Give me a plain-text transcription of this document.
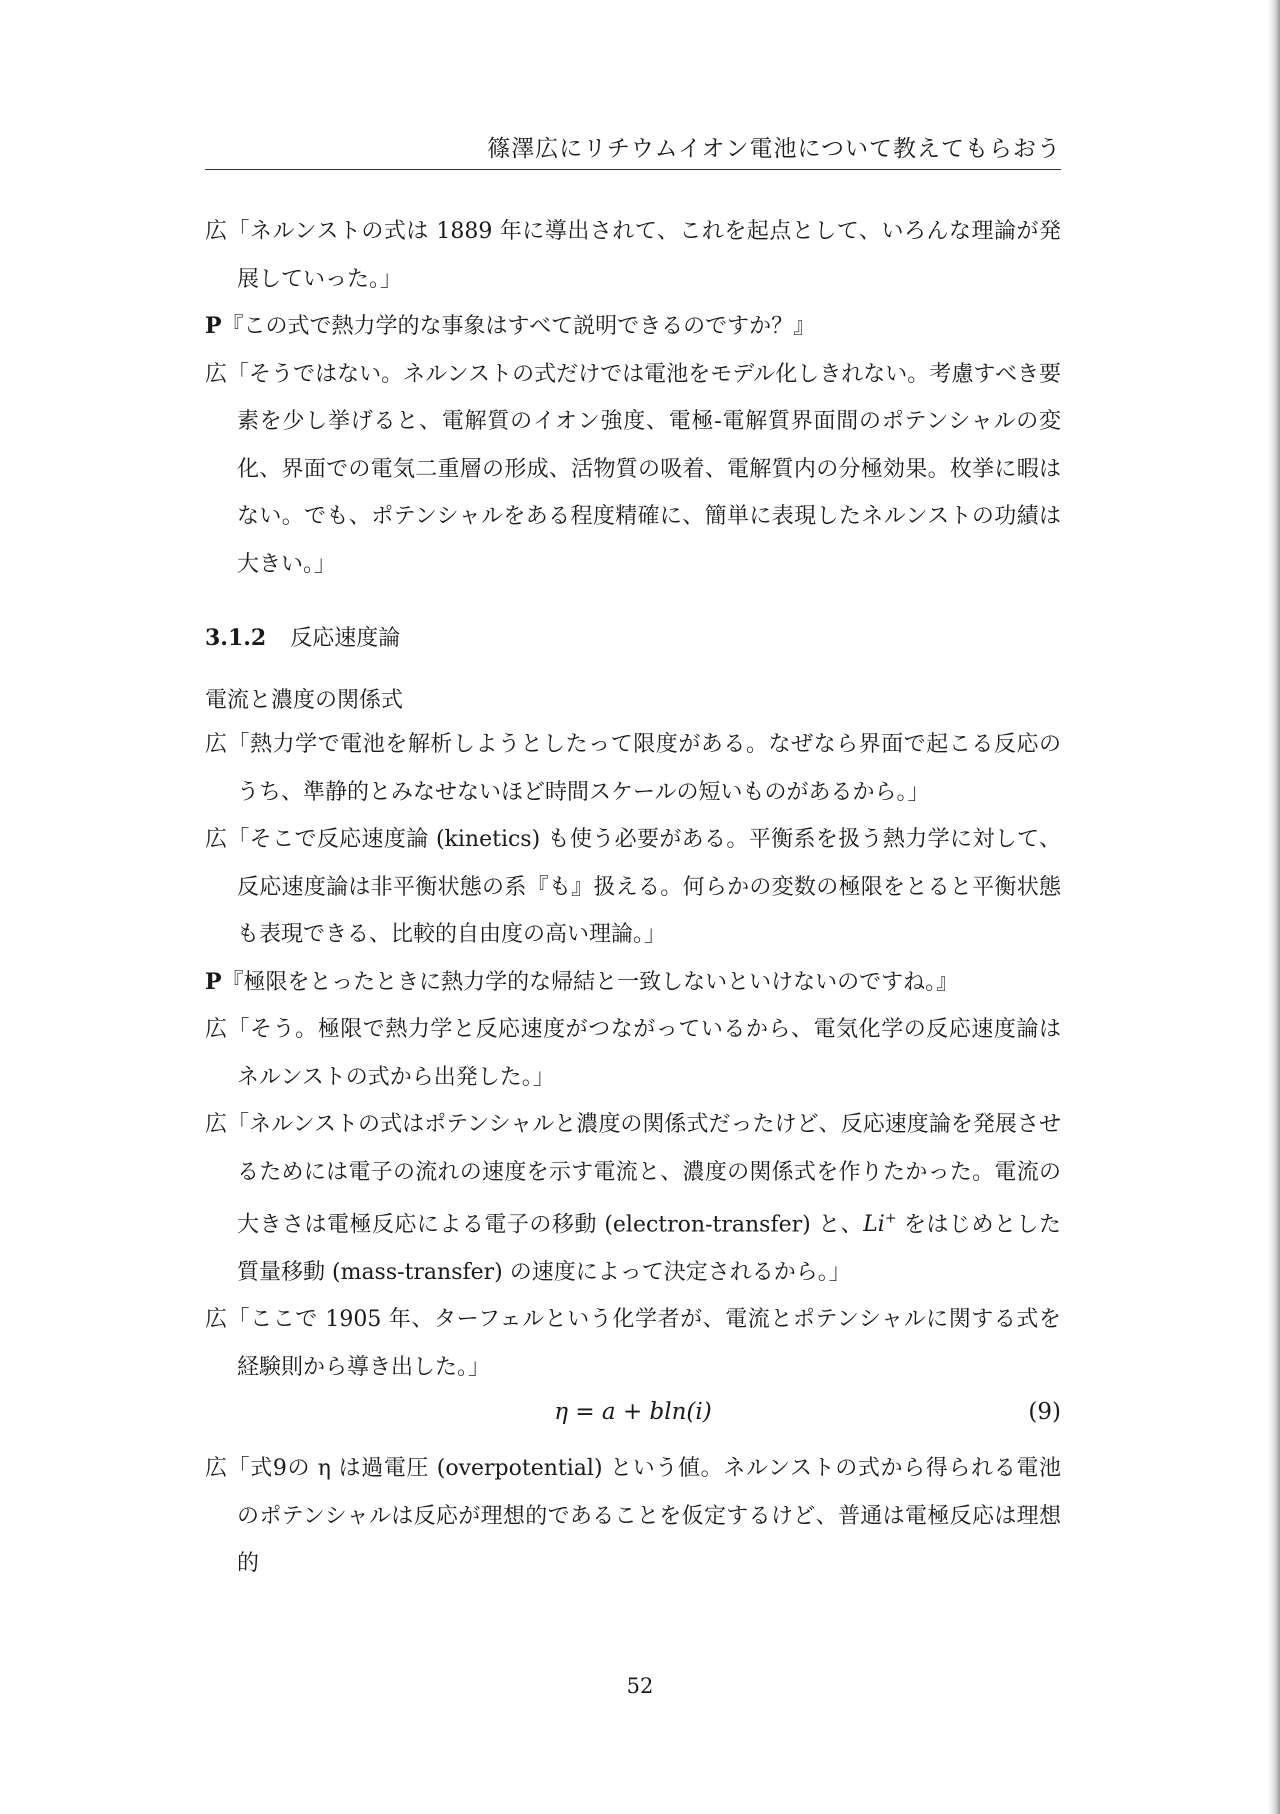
篠澤広にリチウムイオン電池について教えてもらおう

広「ネルンストの式は 1889 年に導出されて、これを起点として、いろんな理論が発展していった。」

P『この式で熱力学的な事象はすべて説明できるのですか？』

広「そうではない。ネルンストの式だけでは電池をモデル化しきれない。考慮すべき要素を少し挙げると、電解質のイオン強度、電極-電解質界面間のポテンシャルの変化、界面での電気二重層の形成、活物質の吸着、電解質内の分極効果。枚挙に暇はない。でも、ポテンシャルをある程度精確に、簡単に表現したネルンストの功績は大きい。」

3.1.2 反応速度論
電流と濃度の関係式

広「熱力学で電池を解析しようとしたって限度がある。なぜなら界面で起こる反応のうち、準静的とみなせないほど時間スケールの短いものがあるから。」

広「そこで反応速度論 (kinetics) も使う必要がある。平衡系を扱う熱力学に対して、反応速度論は非平衡状態の系『も』扱える。何らかの変数の極限をとると平衡状態も表現できる、比較的自由度の高い理論。」

P『極限をとったときに熱力学的な帰結と一致しないといけないのですね。』

広「そう。極限で熱力学と反応速度がつながっているから、電気化学の反応速度論はネルンストの式から出発した。」

広「ネルンストの式はポテンシャルと濃度の関係式だったけど、反応速度論を発展させるためには電子の流れの速度を示す電流と、濃度の関係式を作りたかった。電流の大きさは電極反応による電子の移動 (electron-transfer) と、Li+ をはじめとした質量移動 (mass-transfer) の速度によって決定されるから。」

広「ここで 1905 年、ターフェルという化学者が、電流とポテンシャルに関する式を経験則から導き出した。」

η = a + bln(i)	(9)

広「式9の η は過電圧 (overpotential) という値。ネルンストの式から得られる電池のポテンシャルは反応が理想的であることを仮定するけど、普通は電極反応は理想的

52
